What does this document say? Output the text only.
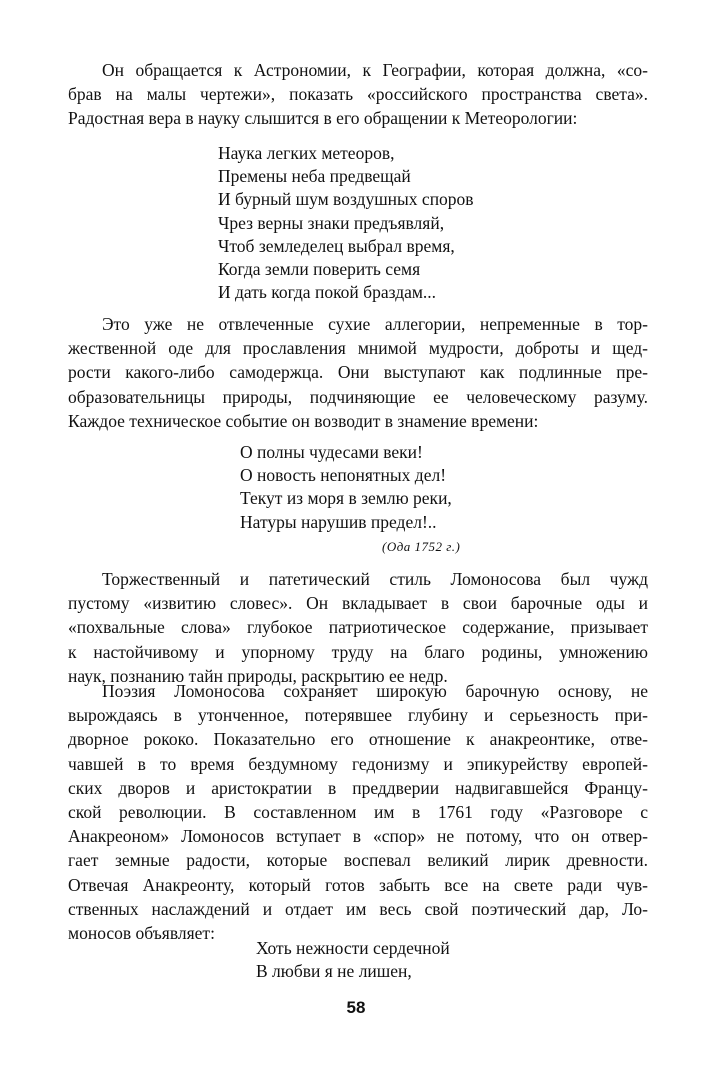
Он обращается к Астрономии, к Географии, которая должна, «со-
брав на малы чертежи», показать «российского пространства света».
Радостная вера в науку слышится в его обращении к Метеорологии:
Наука легких метеоров,
Премены неба предвещай
И бурный шум воздушных споров
Чрез верны знаки предъявляй,
Чтоб земледелец выбрал время,
Когда земли поверить семя
И дать когда покой браздам...
Это уже не отвлеченные сухие аллегории, непременные в тор-
жественной оде для прославления мнимой мудрости, доброты и щед-
рости какого-либо самодержца. Они выступают как подлинные пре-
образовательницы природы, подчиняющие ее человеческому разуму.
Каждое техническое событие он возводит в знамение времени:
О полны чудесами веки!
О новость непонятных дел!
Текут из моря в землю реки,
Натуры нарушив предел!..
(Ода 1752 г.)
Торжественный и патетический стиль Ломоносова был чужд
пустому «извитию словес». Он вкладывает в свои барочные оды и
«похвальные слова» глубокое патриотическое содержание, призывает
к настойчивому и упорному труду на благо родины, умножению
наук, познанию тайн природы, раскрытию ее недр.
Поэзия Ломоносова сохраняет широкую барочную основу, не
вырождаясь в утонченное, потерявшее глубину и серьезность при-
дворное рококо. Показательно его отношение к анакреонтике, отве-
чавшей в то время бездумному гедонизму и эпикурейству европей-
ских дворов и аристократии в преддверии надвигавшейся Францу-
ской революции. В составленном им в 1761 году «Разговоре с
Анакреоном» Ломоносов вступает в «спор» не потому, что он отвер-
гает земные радости, которые воспевал великий лирик древности.
Отвечая Анакреонту, который готов забыть все на свете ради чув-
ственных наслаждений и отдает им весь свой поэтический дар, Ло-
моносов объявляет:
Хоть нежности сердечной
В любви я не лишен,
58
